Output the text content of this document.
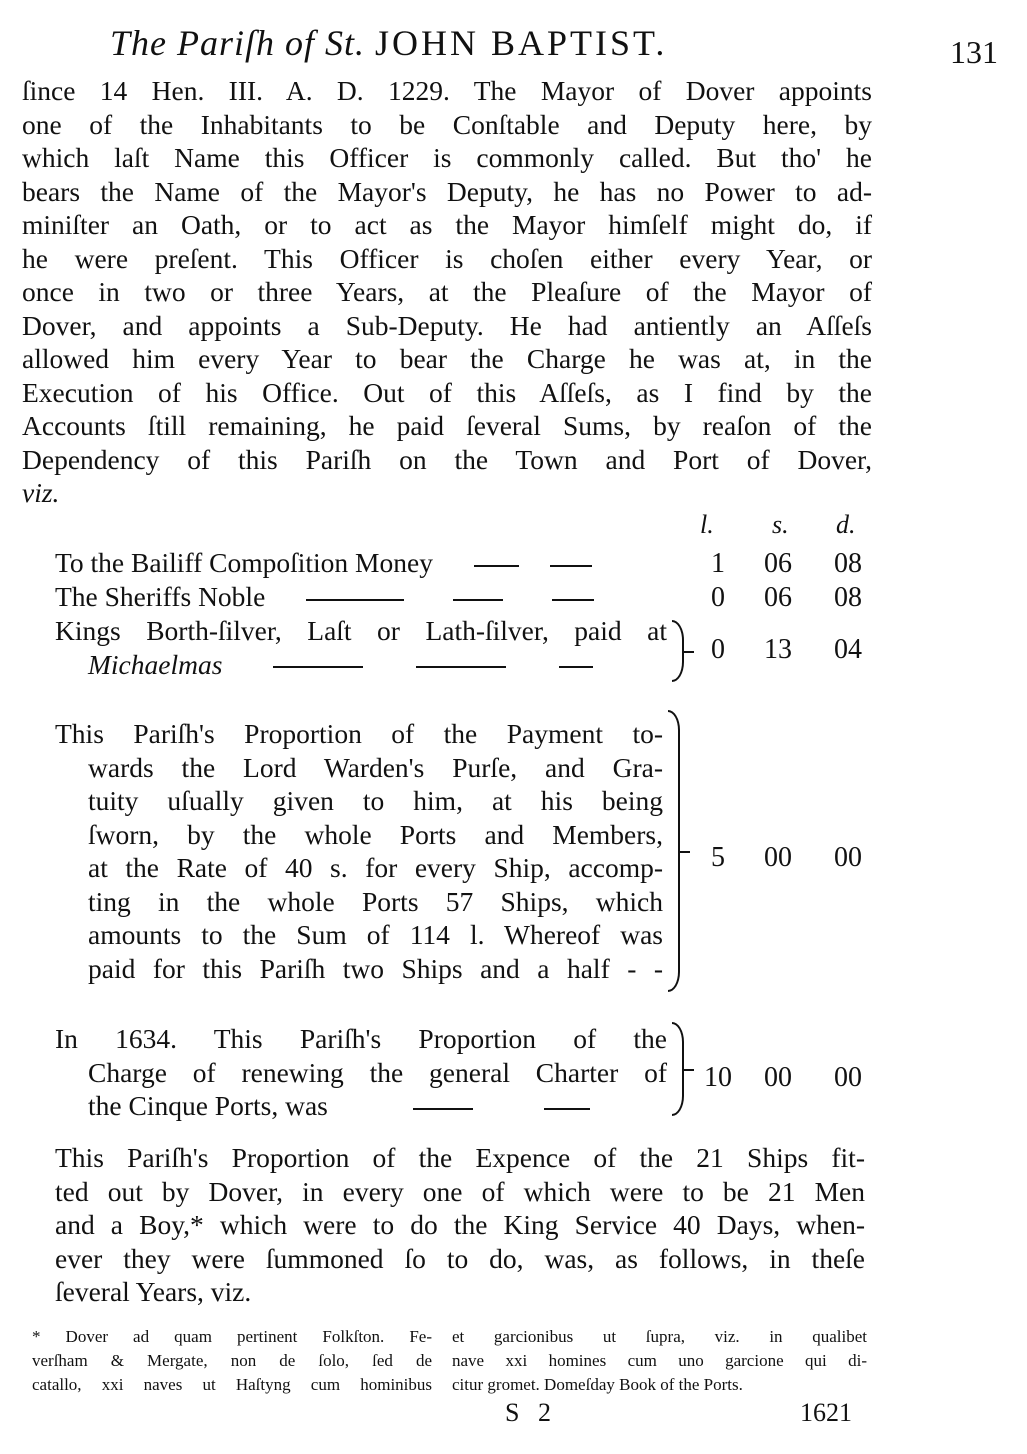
The Pariſh of St. JOHN BAPTIST.	131
ſince 14 Hen. III. A. D. 1229. The Mayor of Dover appoints
one of the Inhabitants to be Conſtable and Deputy here, by
which laſt Name this Officer is commonly called. But tho' he
bears the Name of the Mayor's Deputy, he has no Power to ad-
miniſter an Oath, or to act as the Mayor himſelf might do, if
he were preſent. This Officer is choſen either every Year, or
once in two or three Years, at the Pleaſure of the Mayor of
Dover, and appoints a Sub-Deputy. He had antiently an Aſſeſs
allowed him every Year to bear the Charge he was at, in the
Execution of his Office. Out of this Aſſeſs, as I find by the
Accounts ſtill remaining, he paid ſeveral Sums, by reaſon of the
Dependency of this Pariſh on the Town and Port of Dover,
viz.
l. s. d.
To the Bailiff Compoſition Money	1	06	08
The Sheriffs Noble	0	06	08
Kings Borth-ſilver, Laſt or Lath-ſilver, paid at
Michaelmas	0	13	04
This Pariſh's Proportion of the Payment to-
wards the Lord Warden's Purſe, and Gra-
tuity uſually given to him, at his being
ſworn, by the whole Ports and Members,
at the Rate of 40 s. for every Ship, accomp-
ting in the whole Ports 57 Ships, which
amounts to the Sum of 114 l. Whereof was
paid for this Pariſh two Ships and a half - -
5	00	00
In 1634. This Pariſh's Proportion of the
Charge of renewing the general Charter of
the Cinque Ports, was
10	00	00
This Pariſh's Proportion of the Expence of the 21 Ships fit-
ted out by Dover, in every one of which were to be 21 Men
and a Boy,* which were to do the King Service 40 Days, when-
ever they were ſummoned ſo to do, was, as follows, in theſe
ſeveral Years, viz.
* Dover ad quam pertinent Folkſton. Fe-
verſham & Mergate, non de ſolo, ſed de
catallo, xxi naves ut Haſtyng cum hominibus
et garcionibus ut ſupra, viz. in qualibet
nave xxi homines cum uno garcione qui di-
citur gromet. Domeſday Book of the Ports.
S 2	1621
